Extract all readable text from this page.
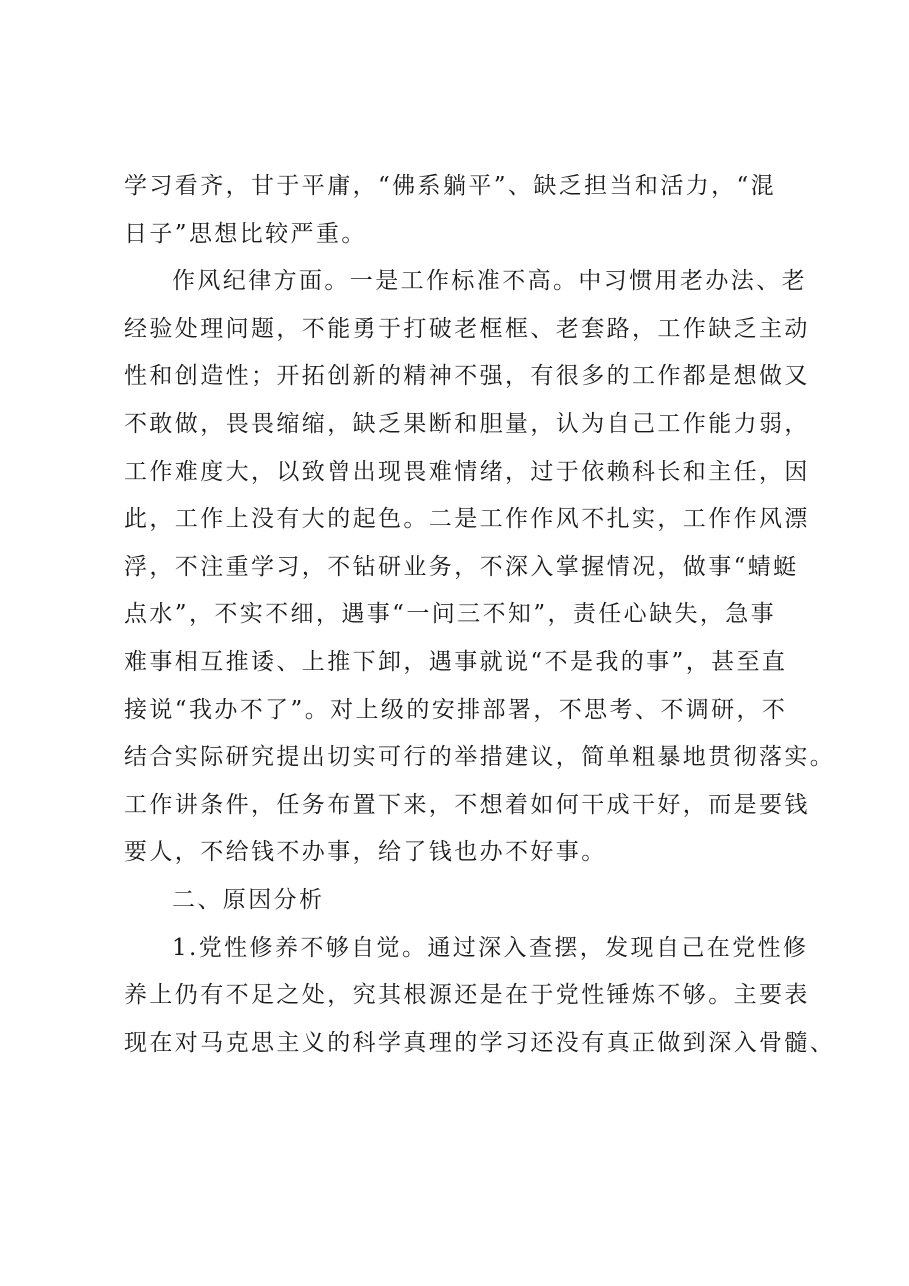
学习看齐，甘于平庸，“佛系躺平”、缺乏担当和活力，“混
日子”思想比较严重。
作风纪律方面。一是工作标准不高。中习惯用老办法、老
经验处理问题，不能勇于打破老框框、老套路，工作缺乏主动
性和创造性；开拓创新的精神不强，有很多的工作都是想做又
不敢做，畏畏缩缩，缺乏果断和胆量，认为自己工作能力弱，
工作难度大，以致曾出现畏难情绪，过于依赖科长和主任，因
此，工作上没有大的起色。二是工作作风不扎实，工作作风漂
浮，不注重学习，不钻研业务，不深入掌握情况，做事“蜻蜓
点水”，不实不细，遇事“一问三不知”，责任心缺失，急事
难事相互推诿、上推下卸，遇事就说“不是我的事”，甚至直
接说“我办不了”。对上级的安排部署，不思考、不调研，不
结合实际研究提出切实可行的举措建议，简单粗暴地贯彻落实。
工作讲条件，任务布置下来，不想着如何干成干好，而是要钱
要人，不给钱不办事，给了钱也办不好事。
二、原因分析
1.党性修养不够自觉。通过深入查摆，发现自己在党性修
养上仍有不足之处，究其根源还是在于党性锤炼不够。主要表
现在对马克思主义的科学真理的学习还没有真正做到深入骨髓、
